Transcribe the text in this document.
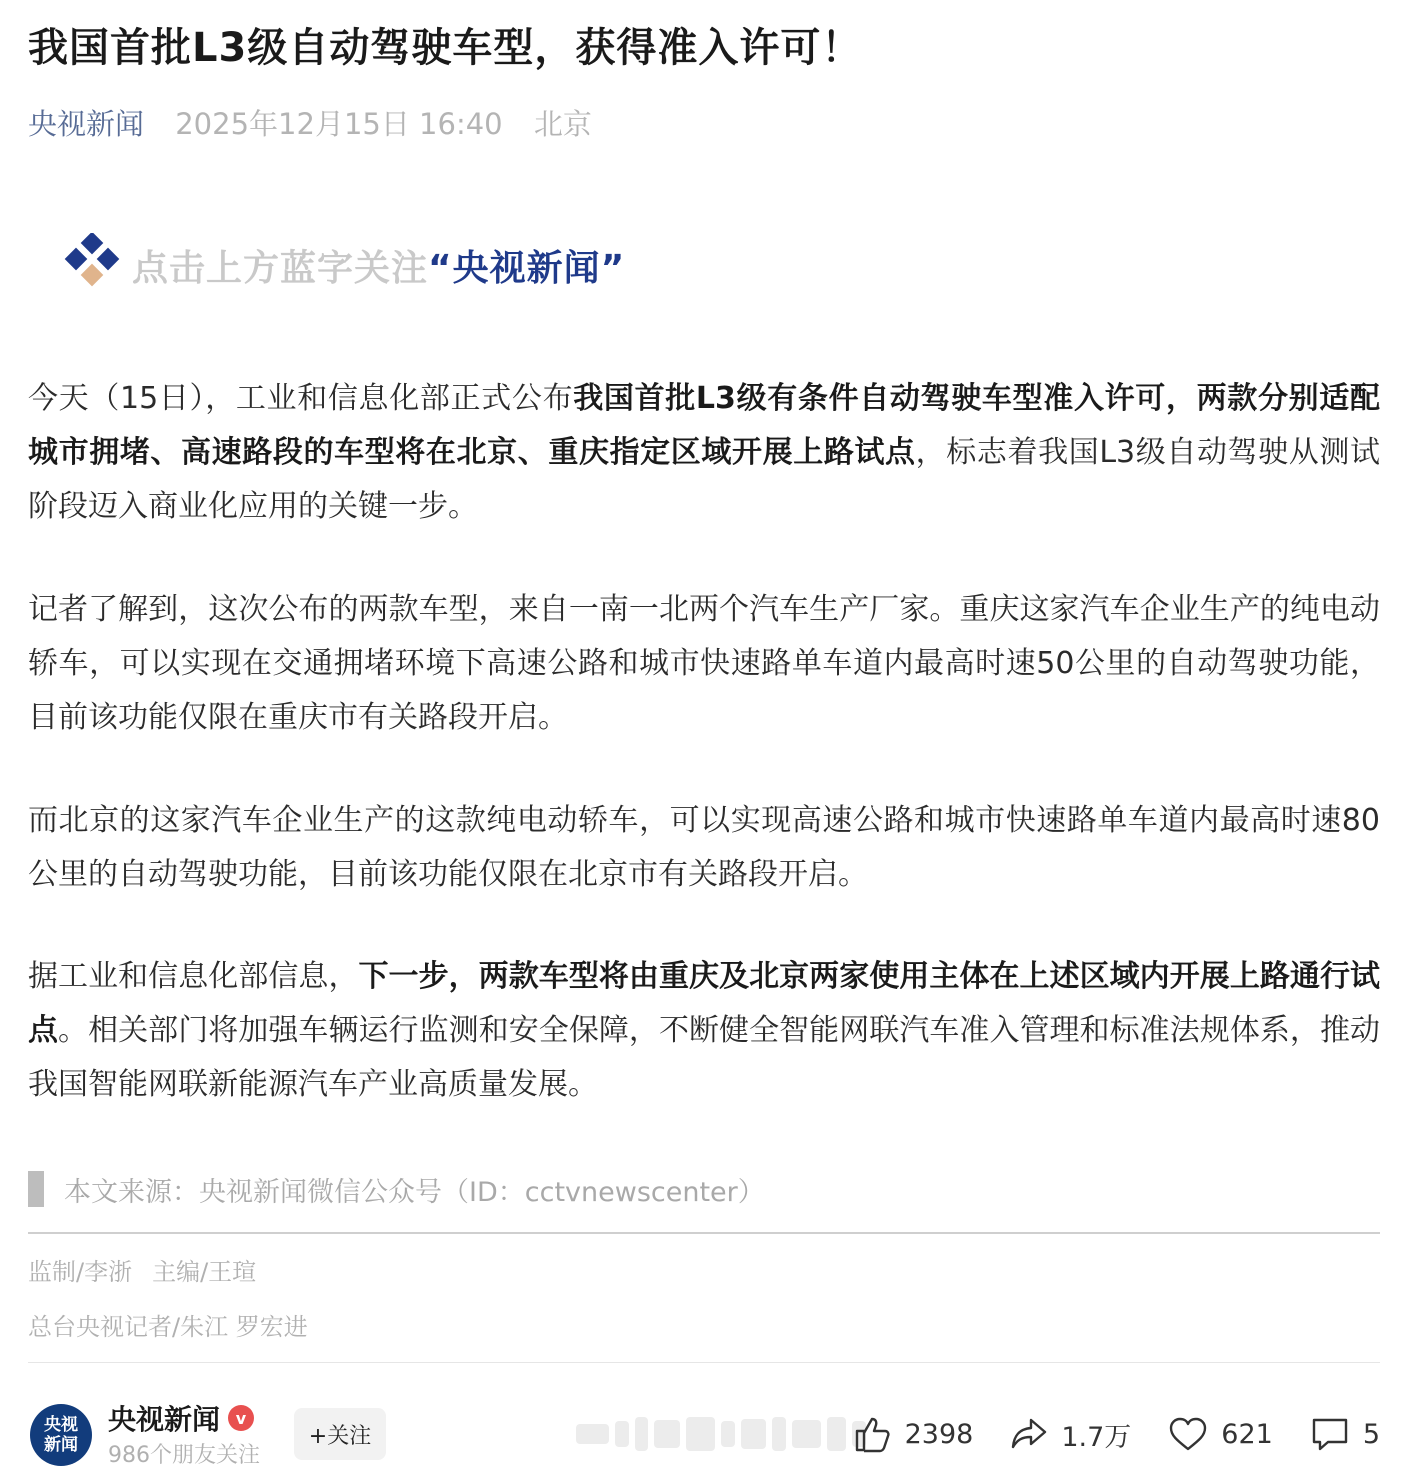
我国首批L3级自动驾驶车型，获得准入许可！
央视新闻 2025年12月15日 16:40 北京
点击上方蓝字关注 “央视新闻”

今天（15日），工业和信息化部正式公布我国首批L3级有条件自动驾驶车型准入许可，两款分别适配城市拥堵、高速路段的车型将在北京、重庆指定区域开展上路试点，标志着我国L3级自动驾驶从测试阶段迈入商业化应用的关键一步。

记者了解到，这次公布的两款车型，来自一南一北两个汽车生产厂家。重庆这家汽车企业生产的纯电动轿车，可以实现在交通拥堵环境下高速公路和城市快速路单车道内最高时速50公里的自动驾驶功能，目前该功能仅限在重庆市有关路段开启。

而北京的这家汽车企业生产的这款纯电动轿车，可以实现高速公路和城市快速路单车道内最高时速80公里的自动驾驶功能，目前该功能仅限在北京市有关路段开启。

据工业和信息化部信息，下一步，两款车型将由重庆及北京两家使用主体在上述区域内开展上路通行试点。相关部门将加强车辆运行监测和安全保障，不断健全智能网联汽车准入管理和标准法规体系，推动我国智能网联新能源汽车产业高质量发展。

本文来源：央视新闻微信公众号（ID：cctvnewscenter）
监制/李浙 主编/王瑄
总台央视记者/朱江 罗宏进
央视
新闻
央视新闻 v
986个朋友关注
+关注	2398	1.7万	621	5
